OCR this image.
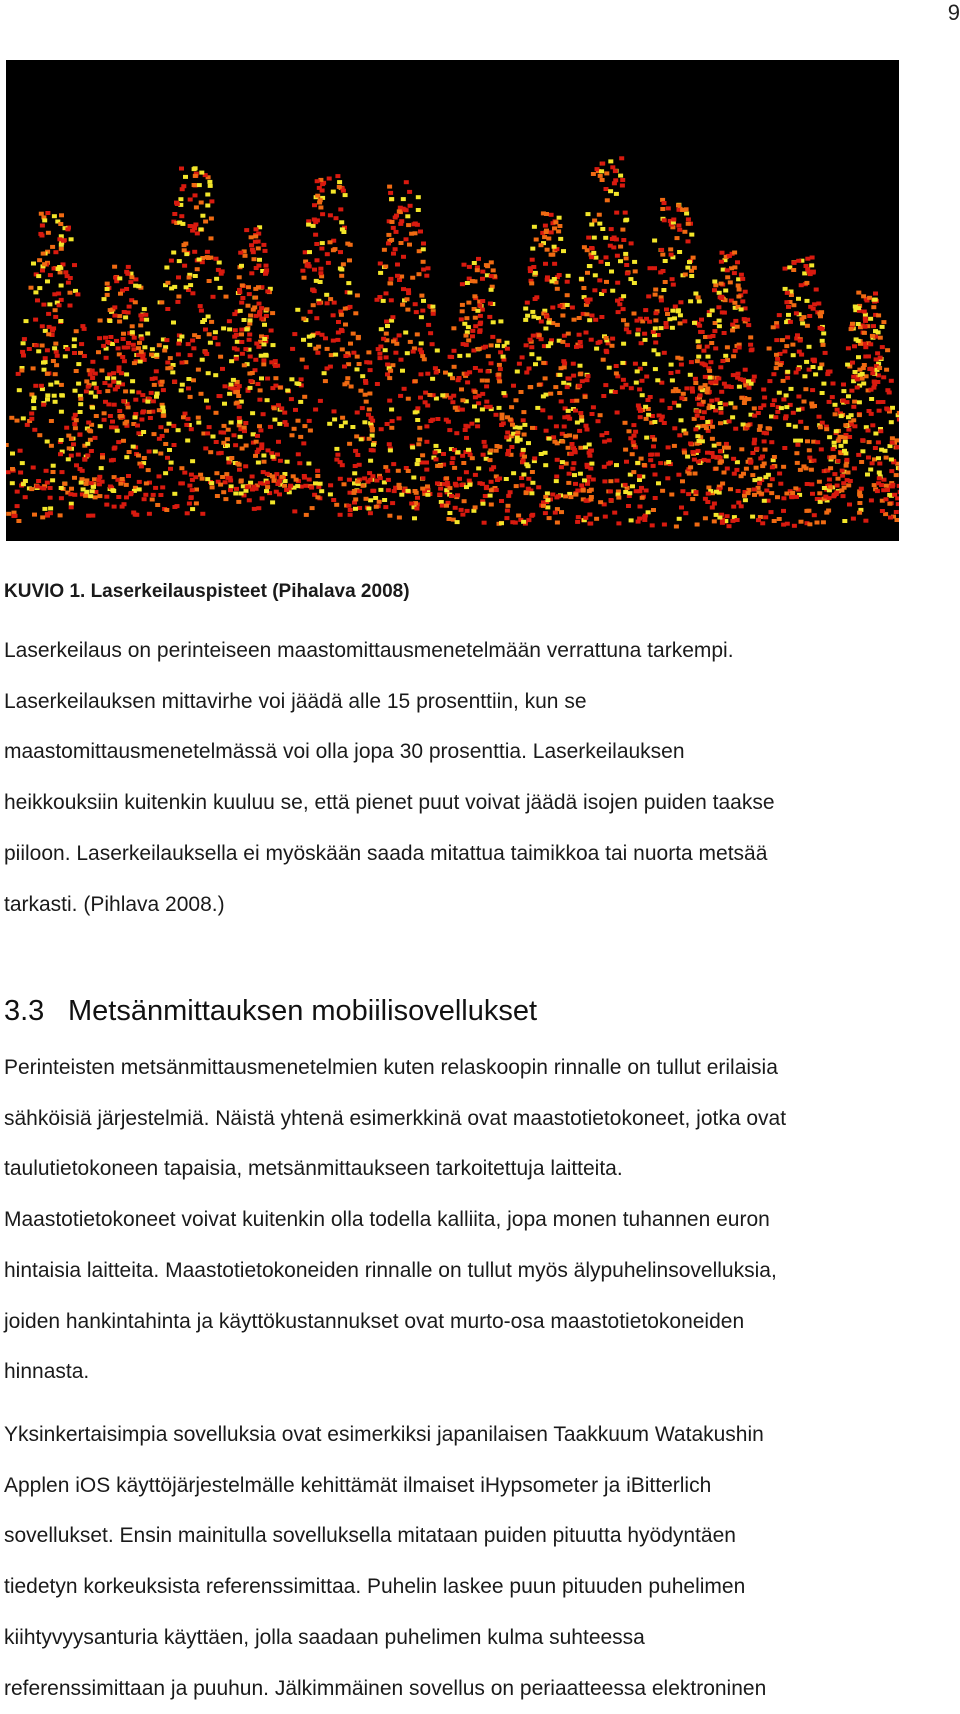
9
KUVIO 1. Laserkeilauspisteet (Pihalava 2008)
Laserkeilaus on perinteiseen maastomittausmenetelmään verrattuna tarkempi.
Laserkeilauksen mittavirhe voi jäädä alle 15 prosenttiin, kun se
maastomittausmenetelmässä voi olla jopa 30 prosenttia. Laserkeilauksen
heikkouksiin kuitenkin kuuluu se, että pienet puut voivat jäädä isojen puiden taakse
piiloon. Laserkeilauksella ei myöskään saada mitattua taimikkoa tai nuorta metsää
tarkasti. (Pihlava 2008.)
3.3 Metsänmittauksen mobiilisovellukset
Perinteisten metsänmittausmenetelmien kuten relaskoopin rinnalle on tullut erilaisia
sähköisiä järjestelmiä. Näistä yhtenä esimerkkinä ovat maastotietokoneet, jotka ovat
taulutietokoneen tapaisia, metsänmittaukseen tarkoitettuja laitteita.
Maastotietokoneet voivat kuitenkin olla todella kalliita, jopa monen tuhannen euron
hintaisia laitteita. Maastotietokoneiden rinnalle on tullut myös älypuhelinsovelluksia,
joiden hankintahinta ja käyttökustannukset ovat murto-osa maastotietokoneiden
hinnasta.
Yksinkertaisimpia sovelluksia ovat esimerkiksi japanilaisen Taakkuum Watakushin
Applen iOS käyttöjärjestelmälle kehittämät ilmaiset iHypsometer ja iBitterlich
sovellukset. Ensin mainitulla sovelluksella mitataan puiden pituutta hyödyntäen
tiedetyn korkeuksista referenssimittaa. Puhelin laskee puun pituuden puhelimen
kiihtyvyysanturia käyttäen, jolla saadaan puhelimen kulma suhteessa
referenssimittaan ja puuhun. Jälkimmäinen sovellus on periaatteessa elektroninen
